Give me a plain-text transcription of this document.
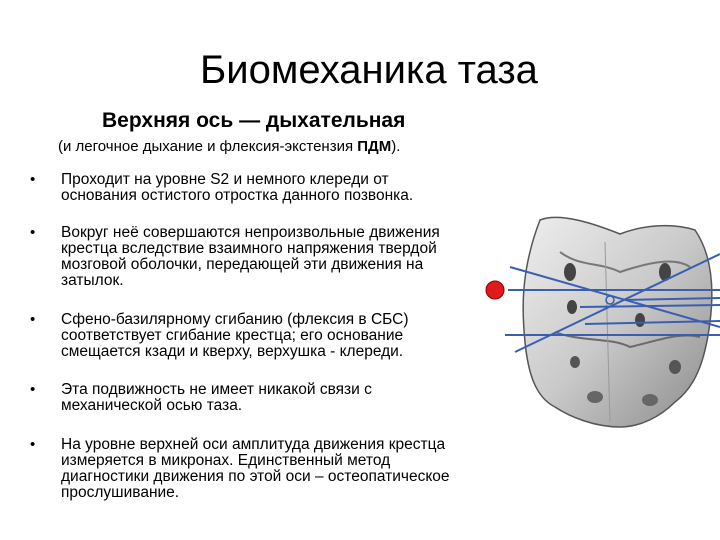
Биомеханика таза
Верхняя ось — дыхательная
(и легочное дыхание и флексия-экстензия ПДМ).
• Проходит на уровне S2 и немного клереди от
основания остистого отростка данного позвонка.
• Вокруг неё совершаются непроизвольные движения
крестца вследствие взаимного напряжения твердой
мозговой оболочки, передающей эти движения на
затылок.
• Сфено-базилярному сгибанию (флексия в СБС)
соответствует сгибание крестца; его основание
смещается кзади и кверху, верхушка - клереди.
• Эта подвижность не имеет никакой связи с
механической осью таза.
• На уровне верхней оси амплитуда движения крестца
измеряется в микронах. Единственный метод
диагностики движения по этой оси – остеопатическое
прослушивание.
